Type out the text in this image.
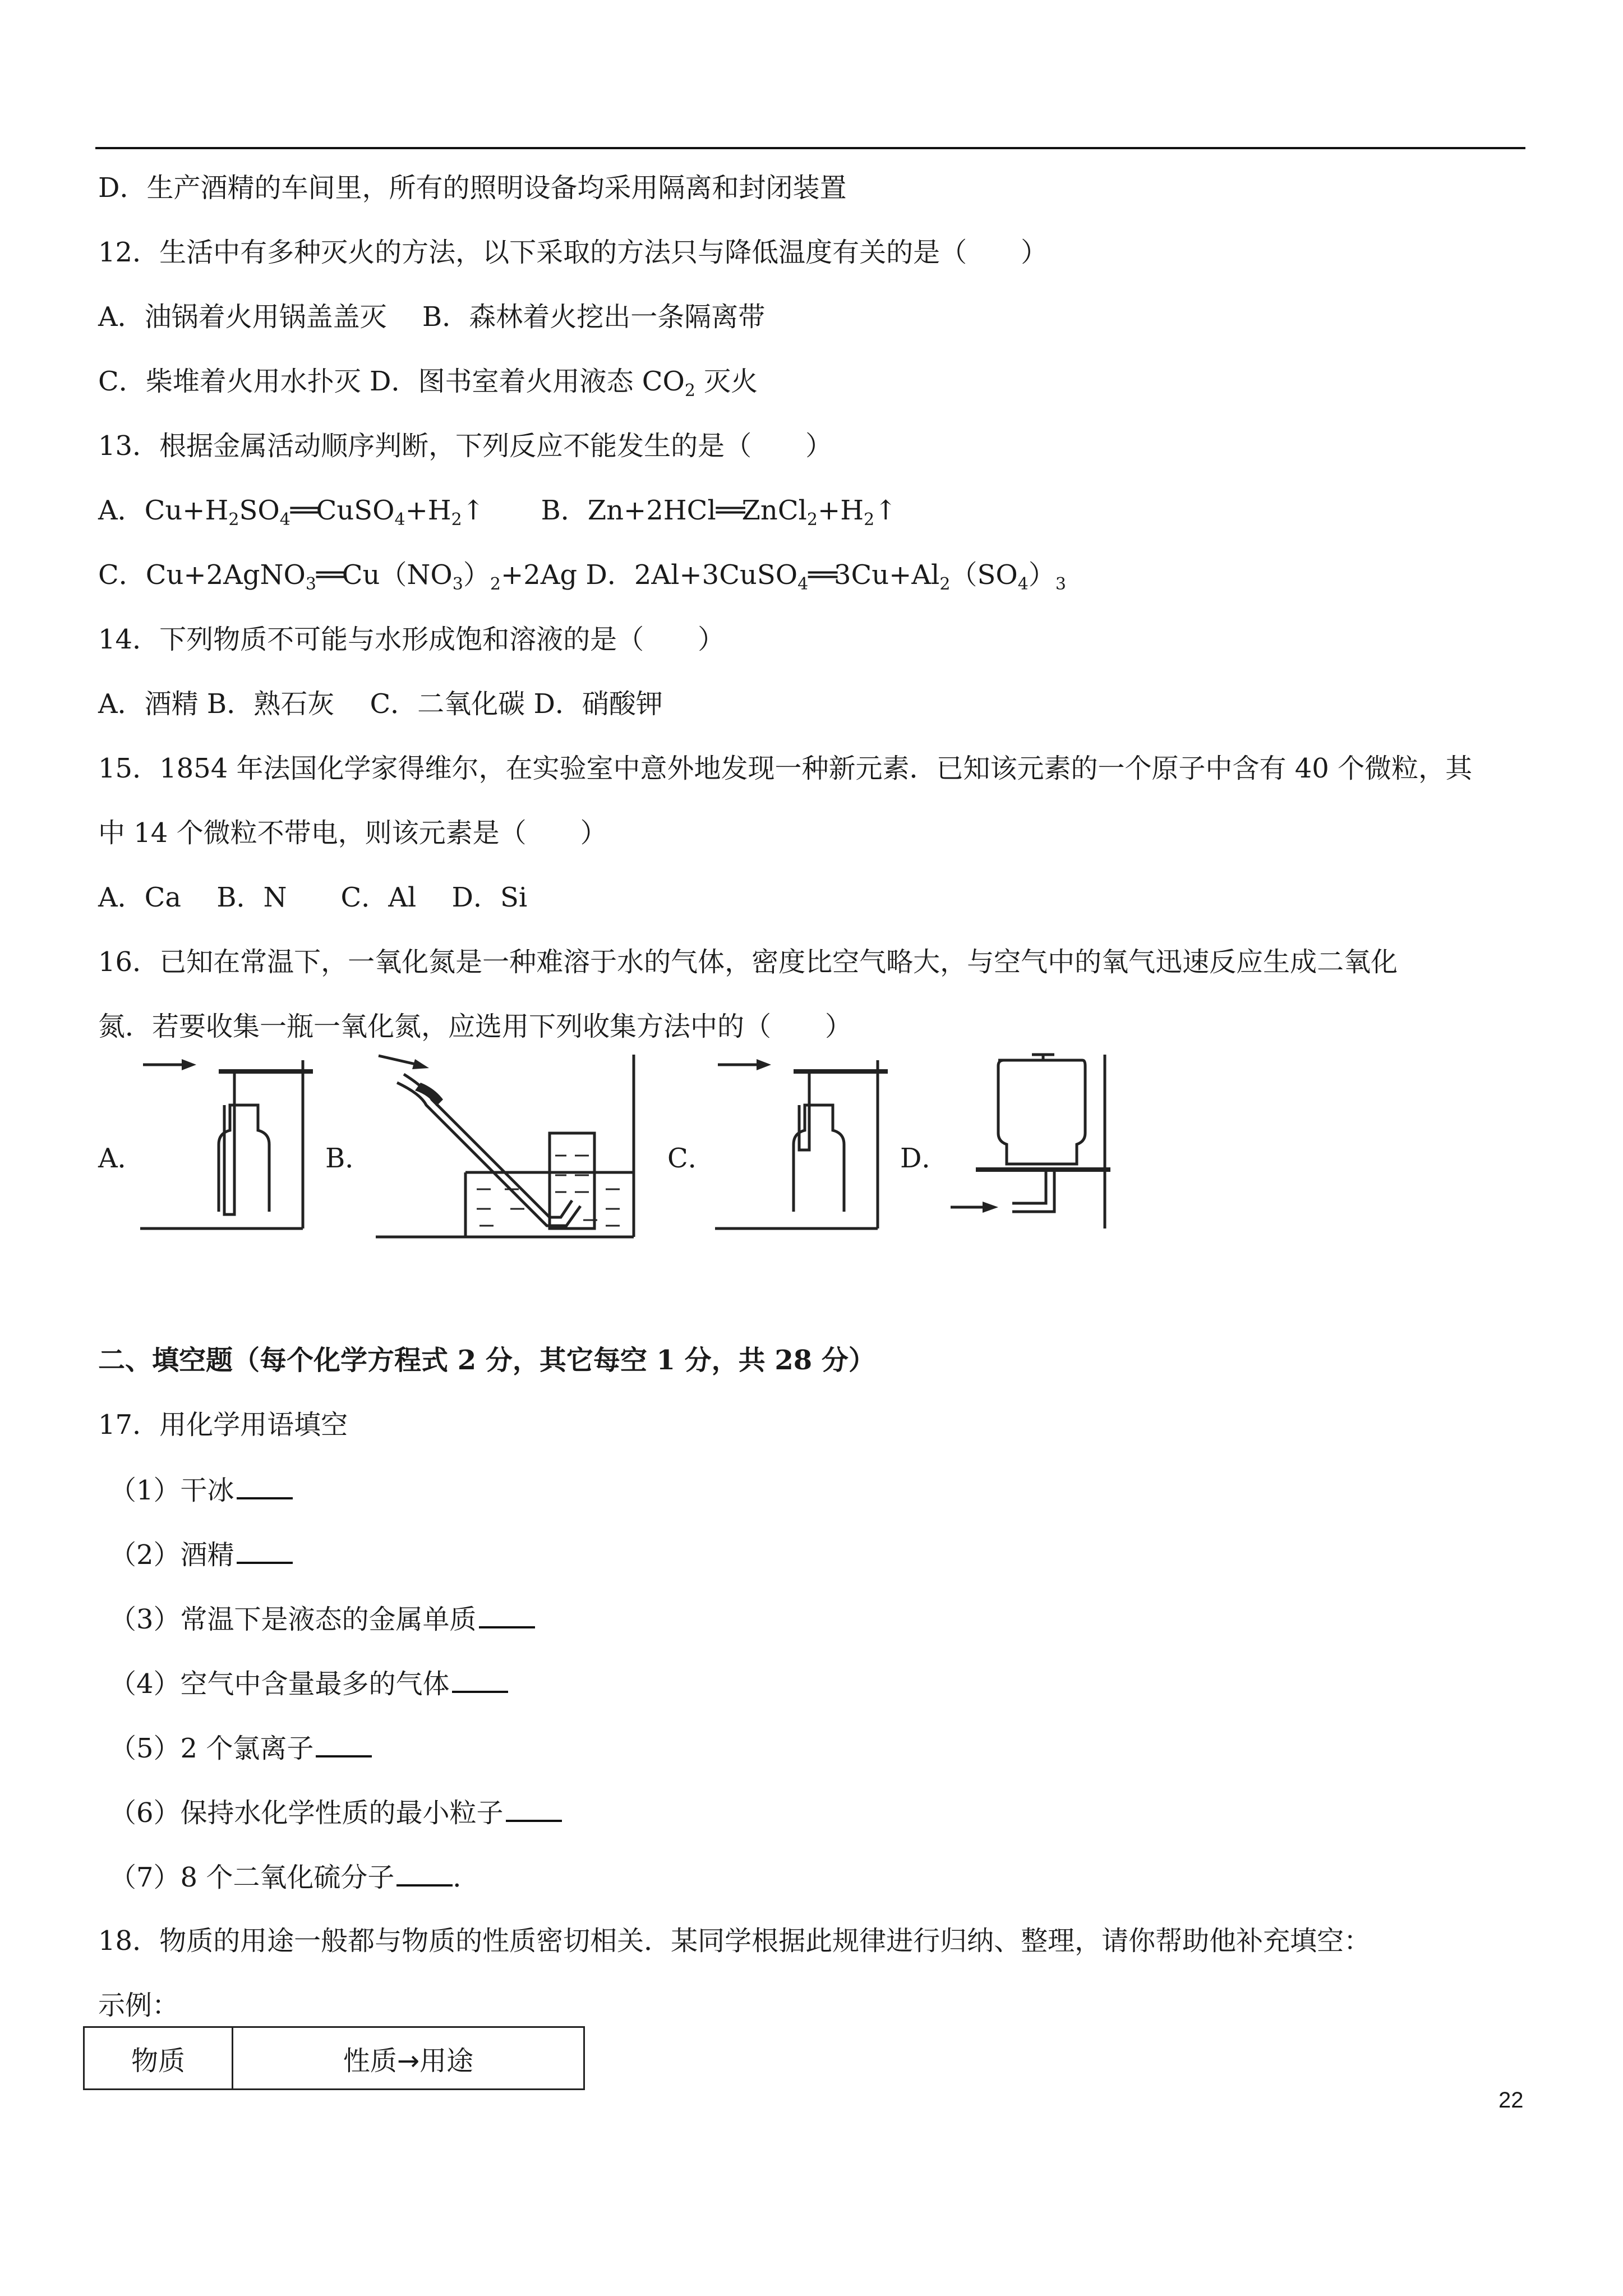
D．生产酒精的车间里，所有的照明设备均采用隔离和封闭装置
12．生活中有多种灭火的方法，以下采取的方法只与降低温度有关的是（　　）
A．油锅着火用锅盖盖灭　 B．森林着火挖出一条隔离带
C．柴堆着火用水扑灭 D．图书室着火用液态 $CO_2$ 灭火
13．根据金属活动顺序判断，下列反应不能发生的是（　　）
A．$Cu+H_2SO_4══CuSO_4+H_2↑$ B．$Zn+2HCl══ZnCl_2+H_2↑$
C．$Cu+2AgNO_3══Cu(NO_3)_2+2Ag$ D．$2Al+3CuSO_4══3Cu+Al_2(SO_4)_3$
14．下列物质不可能与水形成饱和溶液的是（　　）
A．酒精 B．熟石灰　 C．二氧化碳 D．硝酸钾
15．1854 年法国化学家得维尔，在实验室中意外地发现一种新元素．已知该元素的一个原子中含有 40 个微粒，其
中 14 个微粒不带电，则该元素是（　　）
A．Ca　 B．N　　C．Al　 D．Si
16．已知在常温下，一氧化氮是一种难溶于水的气体，密度比空气略大，与空气中的氧气迅速反应生成二氧化
氮．若要收集一瓶一氧化氮，应选用下列收集方法中的（　　）
A．	B．	C．	D．
二、填空题（每个化学方程式 2 分，其它每空 1 分，共 28 分）
17．用化学用语填空
（1）干冰
（2）酒精
（3）常温下是液态的金属单质
（4）空气中含量最多的气体
（5）2 个氯离子
（6）保持水化学性质的最小粒子
（7）8 个二氧化硫分子 ．
18．物质的用途一般都与物质的性质密切相关．某同学根据此规律进行归纳、整理，请你帮助他补充填空：
示例：
物质	性质→用途
22
